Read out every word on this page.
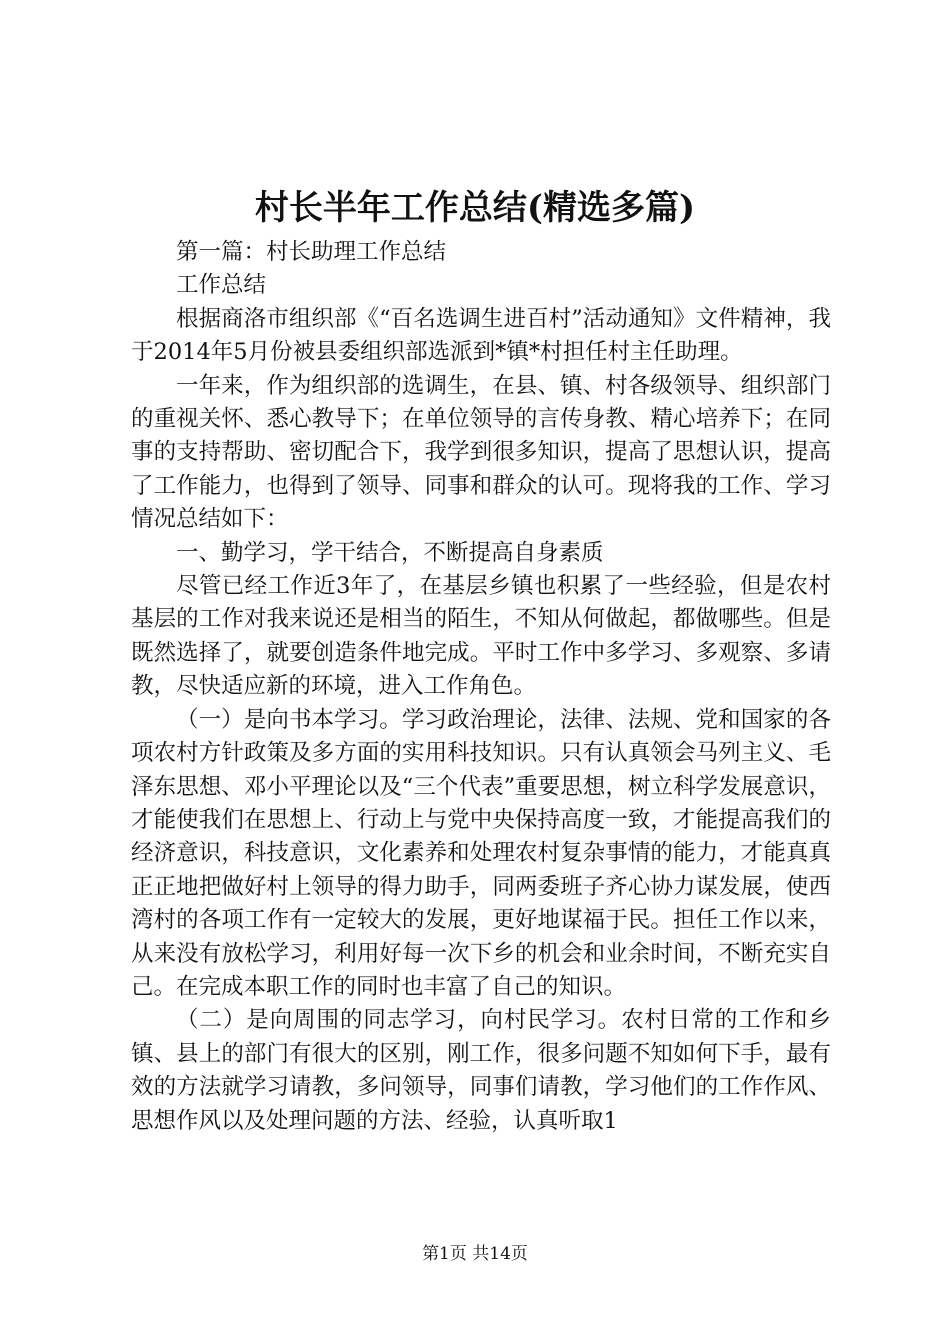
村长半年工作总结(精选多篇)

第一篇：村长助理工作总结

工作总结

根据商洛市组织部《“百名选调生进百村”活动通知》文件精神，我于2014年5月份被县委组织部选派到*镇*村担任村主任助理。

一年来，作为组织部的选调生，在县、镇、村各级领导、组织部门的重视关怀、悉心教导下；在单位领导的言传身教、精心培养下；在同事的支持帮助、密切配合下，我学到很多知识，提高了思想认识，提高了工作能力，也得到了领导、同事和群众的认可。现将我的工作、学习情况总结如下：

一、勤学习，学干结合，不断提高自身素质

尽管已经工作近3年了，在基层乡镇也积累了一些经验，但是农村基层的工作对我来说还是相当的陌生，不知从何做起，都做哪些。但是既然选择了，就要创造条件地完成。平时工作中多学习、多观察、多请教，尽快适应新的环境，进入工作角色。

（一）是向书本学习。学习政治理论，法律、法规、党和国家的各项农村方针政策及多方面的实用科技知识。只有认真领会马列主义、毛泽东思想、邓小平理论以及“三个代表”重要思想，树立科学发展意识，才能使我们在思想上、行动上与党中央保持高度一致，才能提高我们的经济意识，科技意识，文化素养和处理农村复杂事情的能力，才能真真正正地把做好村上领导的得力助手，同两委班子齐心协力谋发展，使西湾村的各项工作有一定较大的发展，更好地谋福于民。担任工作以来，从来没有放松学习，利用好每一次下乡的机会和业余时间，不断充实自己。在完成本职工作的同时也丰富了自己的知识。

（二）是向周围的同志学习，向村民学习。农村日常的工作和乡镇、县上的部门有很大的区别，刚工作，很多问题不知如何下手，最有效的方法就学习请教，多问领导，同事们请教，学习他们的工作作风、思想作风以及处理问题的方法、经验，认真听取1

第1页 共14页
